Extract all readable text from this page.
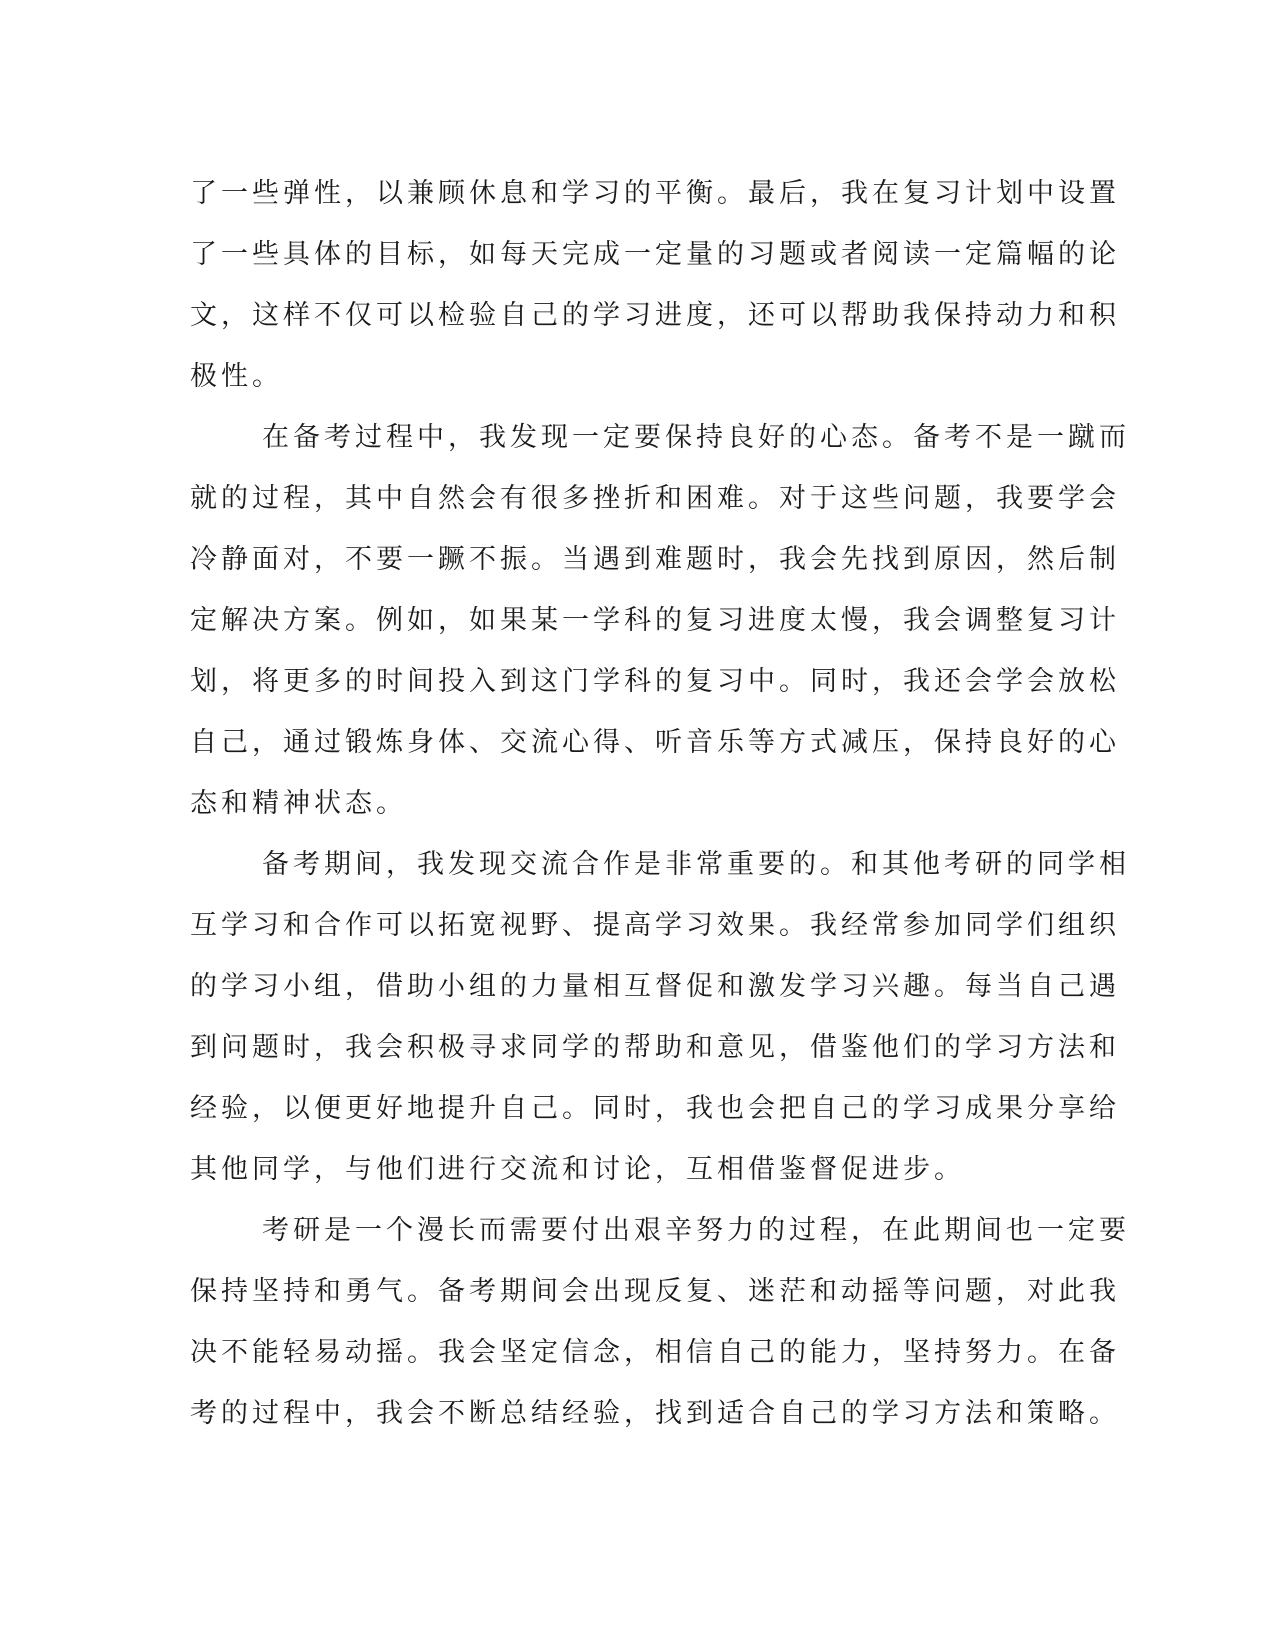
了一些弹性，以兼顾休息和学习的平衡。最后，我在复习计划中设置
了一些具体的目标，如每天完成一定量的习题或者阅读一定篇幅的论
文，这样不仅可以检验自己的学习进度，还可以帮助我保持动力和积
极性。
在备考过程中，我发现一定要保持良好的心态。备考不是一蹴而
就的过程，其中自然会有很多挫折和困难。对于这些问题，我要学会
冷静面对，不要一蹶不振。当遇到难题时，我会先找到原因，然后制
定解决方案。例如，如果某一学科的复习进度太慢，我会调整复习计
划，将更多的时间投入到这门学科的复习中。同时，我还会学会放松
自己，通过锻炼身体、交流心得、听音乐等方式减压，保持良好的心
态和精神状态。
备考期间，我发现交流合作是非常重要的。和其他考研的同学相
互学习和合作可以拓宽视野、提高学习效果。我经常参加同学们组织
的学习小组，借助小组的力量相互督促和激发学习兴趣。每当自己遇
到问题时，我会积极寻求同学的帮助和意见，借鉴他们的学习方法和
经验，以便更好地提升自己。同时，我也会把自己的学习成果分享给
其他同学，与他们进行交流和讨论，互相借鉴督促进步。
考研是一个漫长而需要付出艰辛努力的过程，在此期间也一定要
保持坚持和勇气。备考期间会出现反复、迷茫和动摇等问题，对此我
决不能轻易动摇。我会坚定信念，相信自己的能力，坚持努力。在备
考的过程中，我会不断总结经验，找到适合自己的学习方法和策略。
